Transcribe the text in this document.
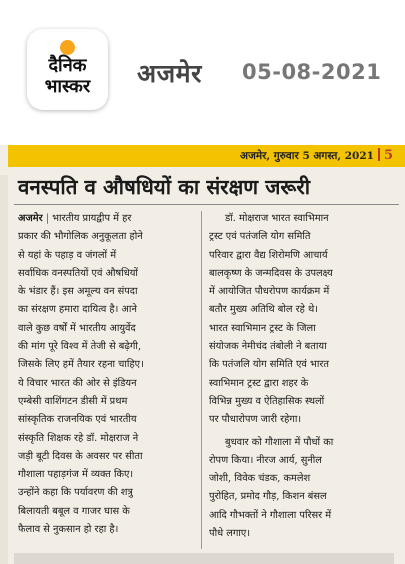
दैनिक
भास्कर	अजमेर 05-08-2021
अजमेर, गुरुवार 5 अगस्त, 2021 5
वनस्पति व औषधियों का संरक्षण जरूरी
अजमेर | भारतीय प्रायद्वीप में हर
प्रकार की भौगोलिक अनुकूलता होने
से यहां के पहाड़ व जंगलों में
सर्वाधिक वनस्पतियों एवं औषधियों
के भंडार हैं। इस अमूल्य वन संपदा
का संरक्षण हमारा दायित्व है। आने
वाले कुछ वर्षों में भारतीय आयुर्वेद
की मांग पूरे विश्व में तेजी से बढ़ेगी,
जिसके लिए हमें तैयार रहना चाहिए।
ये विचार भारत की ओर से इंडियन
एम्बेसी वाशिंगटन डीसी में प्रथम
सांस्कृतिक राजनयिक एवं भारतीय
संस्कृति शिक्षक रहे डॉ. मोक्षराज ने
जड़ी बूटी दिवस के अवसर पर सीता
गौशाला पहाड़गंज में व्यक्त किए।
उन्होंने कहा कि पर्यावरण की शत्रु
बिलायती बबूल व गाजर घास के
फैलाव से नुकसान हो रहा है।
डॉ. मोक्षराज भारत स्वाभिमान
ट्रस्ट एवं पतंजलि योग समिति
परिवार द्वारा वैद्य शिरोमणि आचार्य
बालकृष्ण के जन्मदिवस के उपलक्ष्य
में आयोजित पौधरोपण कार्यक्रम में
बतौर मुख्य अतिथि बोल रहे थे।
भारत स्वाभिमान ट्रस्ट के जिला
संयोजक नेमीचंद तंबोली ने बताया
कि पतंजलि योग समिति एवं भारत
स्वाभिमान ट्रस्ट द्वारा शहर के
विभिन्न मुख्य व ऐतिहासिक स्थलों
पर पौधारोपण जारी रहेगा।
बुधवार को गौशाला में पौधों का
रोपण किया। नीरज आर्य, सुनील
जोशी, विवेक चंडक, कमलेश
पुरोहित, प्रमोद गौड़, किशन बंसल
आदि गौभक्तों ने गौशाला परिसर में
पौधे लगाए।
